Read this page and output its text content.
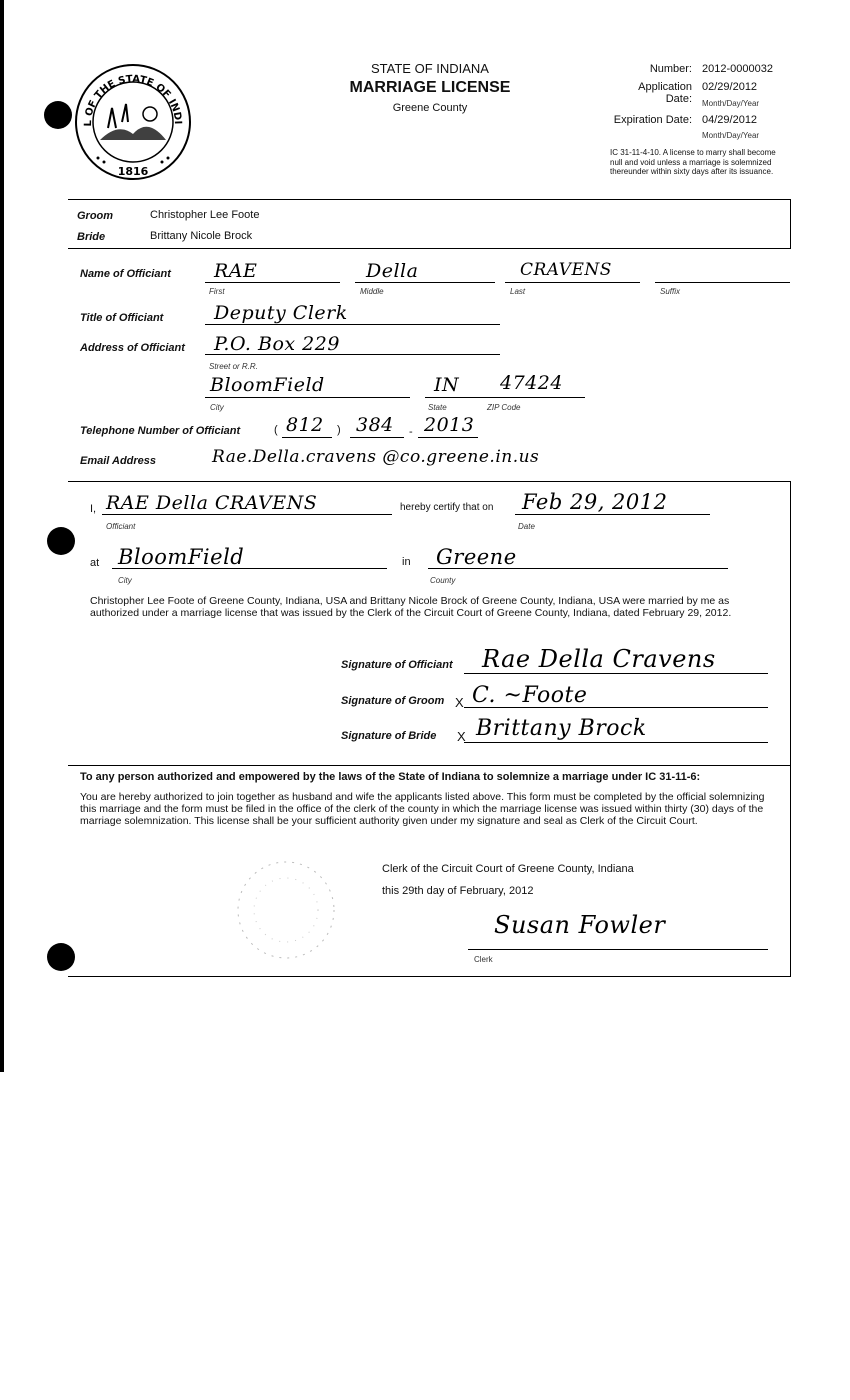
L OF THE STATE OF INDI
1816
STATE OF INDIANA
MARRIAGE LICENSE
Greene County
Number: 2012-0000032
Application Date:
02/29/2012
Month/Day/Year
Expiration Date: 04/29/2012
Month/Day/Year
IC 31-11-4-10. A license to marry shall become null and void unless a marriage is solemnized thereunder within sixty days after its issuance.
Groom	Christopher Lee Foote
Bride	Brittany Nicole Brock
Name of Officiant RAE	Della	CRAVENS
First	Middle	Last	Suffix
Title of Officiant	Deputy Clerk
Address of Officiant P.O. Box 229
Street or R.R.
BloomField	IN 47424
City	State	ZIP Code
Telephone Number of Officiant	( 812 ) 384 - 2013
Email Address	Rae.Della.cravens @co.greene.in.us
I, RAE Della CRAVENS
Officiant
hereby certify that on Feb 29, 2012
Date
at BloomField
City
in Greene
County

Christopher Lee Foote of Greene County, Indiana, USA and Brittany Nicole Brock of Greene County, Indiana, USA were married by me as authorized under a marriage license that was issued by the Clerk of the Circuit Court of Greene County, Indiana, dated February 29, 2012.

Signature of Officiant Rae Della Cravens
Signature of Groom X C. ~Foote
Signature of Bride X Brittany Brock
To any person authorized and empowered by the laws of the State of Indiana to solemnize a marriage under IC 31-11-6:

You are hereby authorized to join together as husband and wife the applicants listed above. This form must be completed by the official solemnizing this marriage and the form must be filed in the office of the clerk of the county in which the marriage license was issued within thirty (30) days of the marriage solemnization. This license shall be your sufficient authority given under my signature and seal as Clerk of the Circuit Court.

Clerk of the Circuit Court of Greene County, Indiana
this 29th day of February, 2012
Susan Fowler
Clerk
